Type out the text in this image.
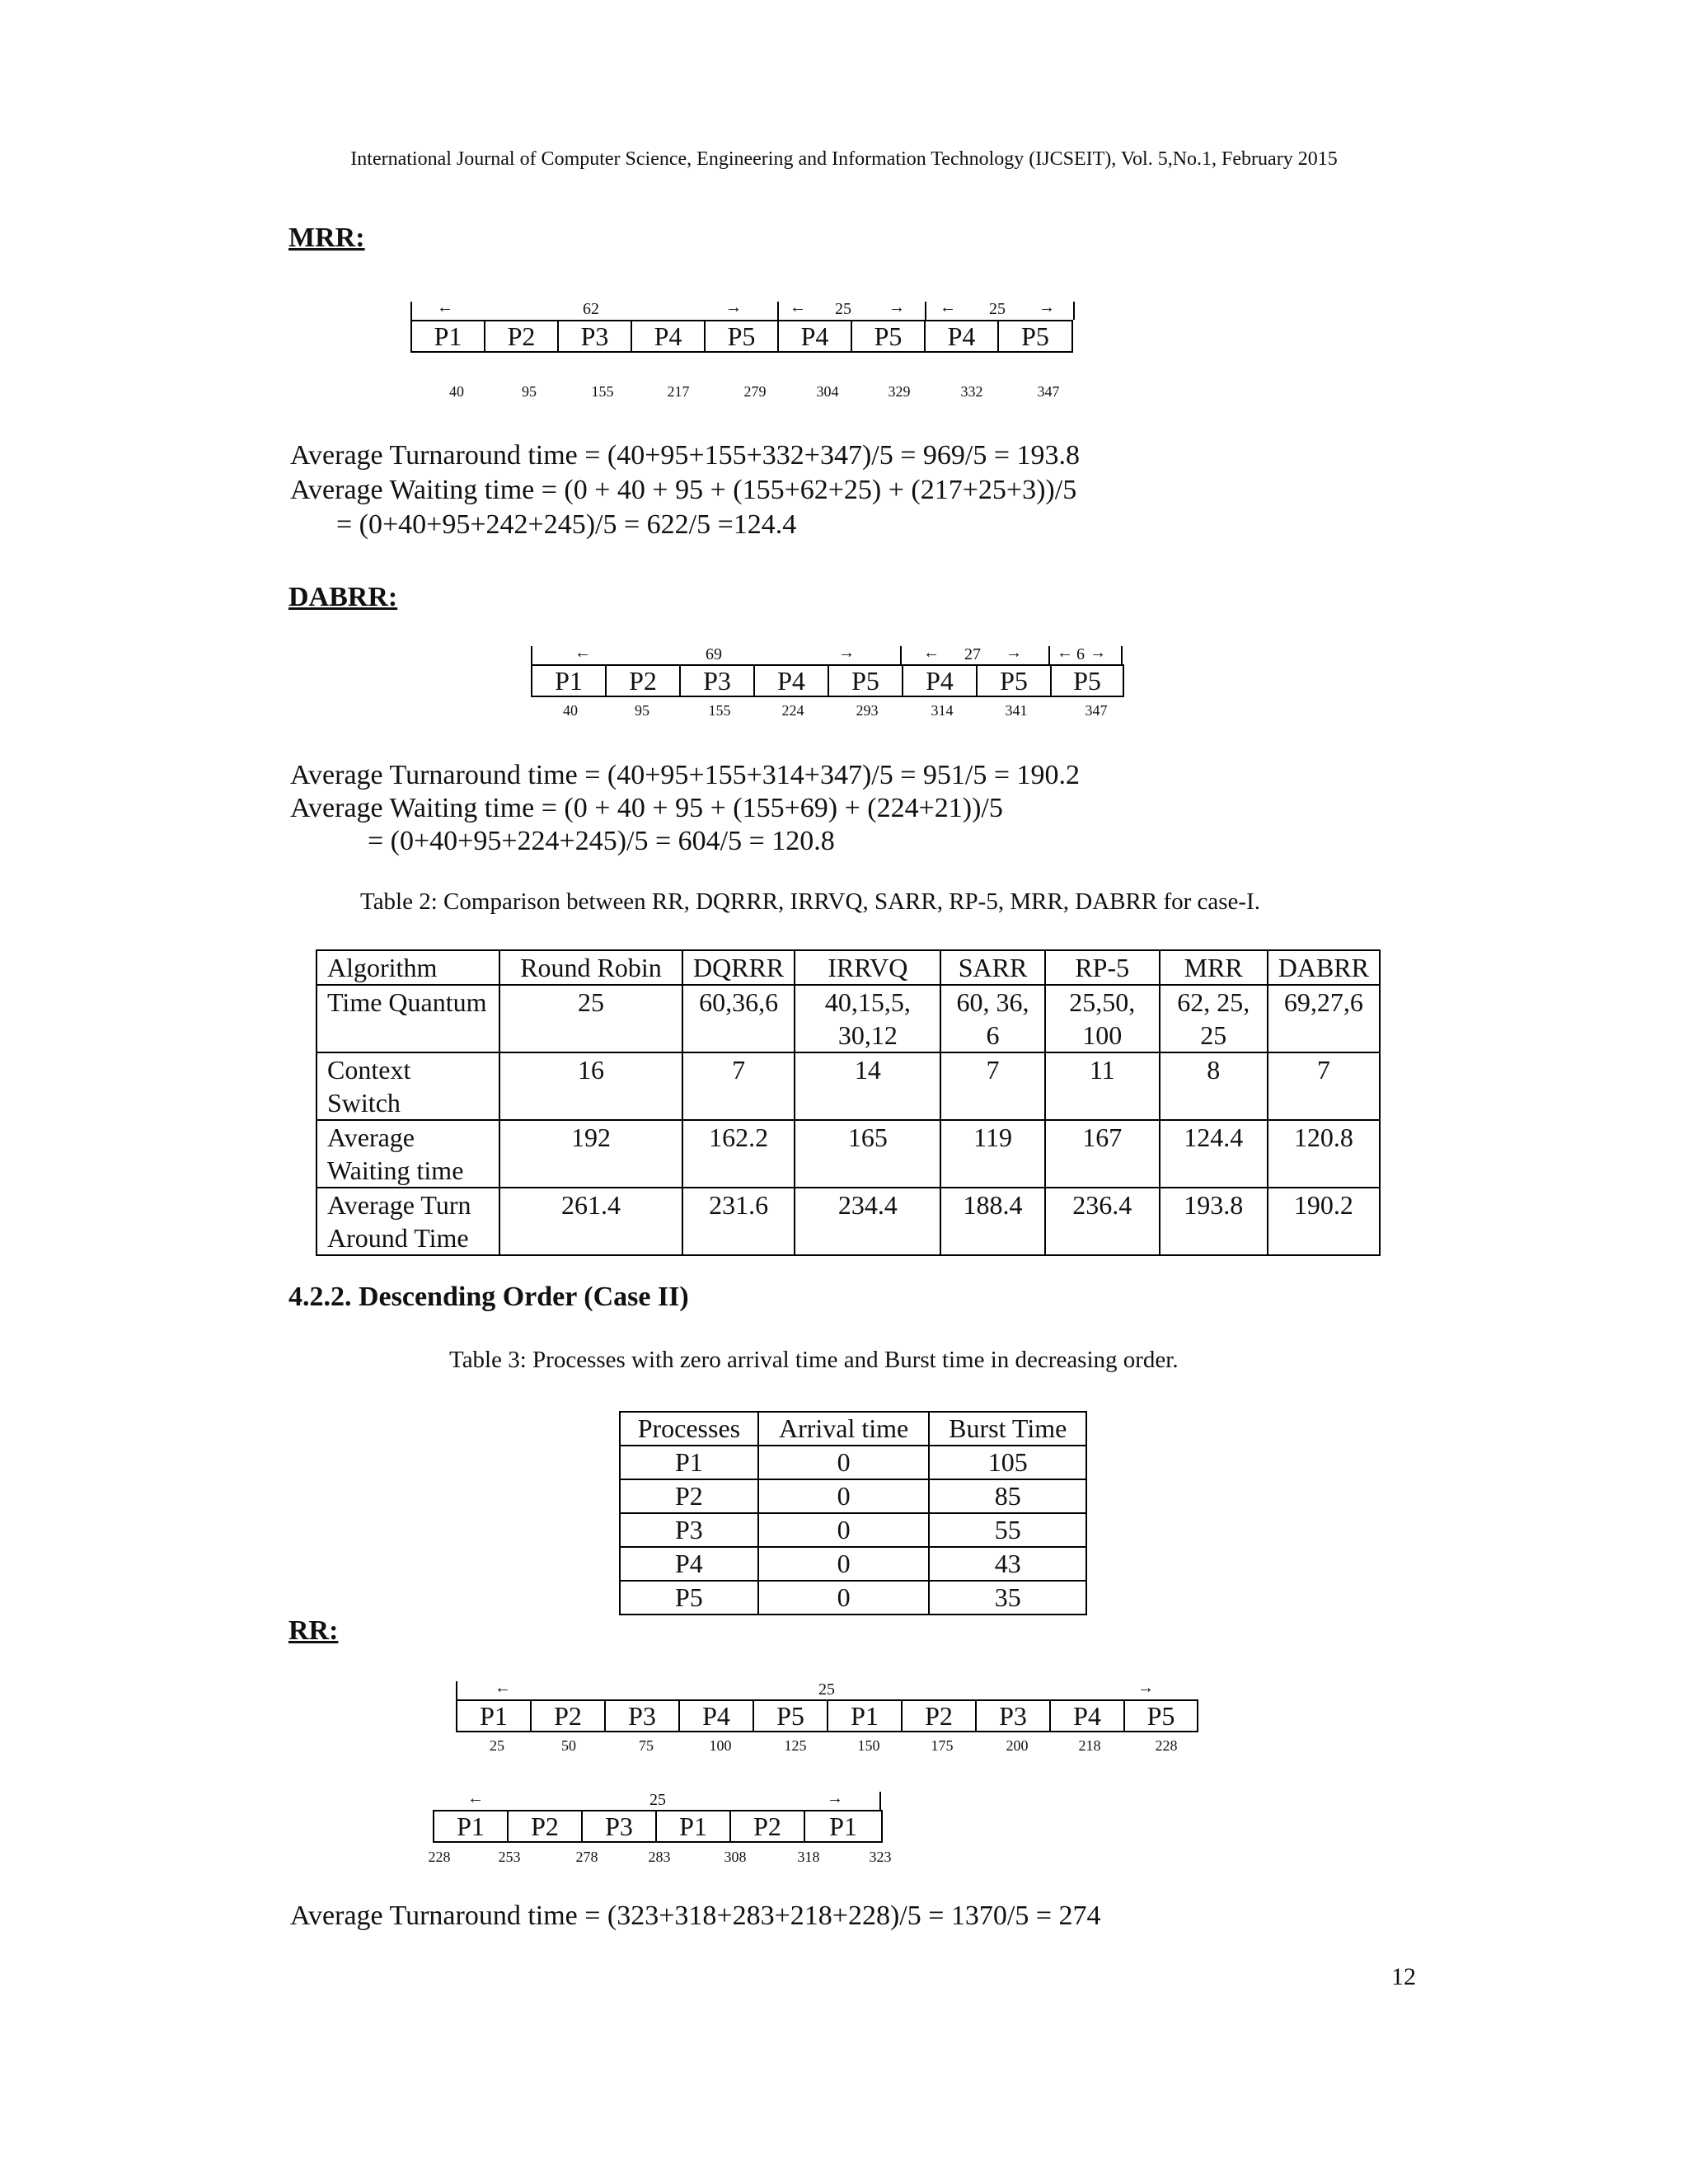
International Journal of Computer Science, Engineering and Information Technology (IJCSEIT), Vol. 5,No.1, February 2015
MRR:
←	62	→	← 25 → ← 25 →
P1	P2	P3	P4	P5	P4	P5	P4	P5
40	95	155	217	279	304	329	332	347
Average Turnaround time = (40+95+155+332+347)/5 = 969/5 = 193.8
Average Waiting time = (0 + 40 + 95 + (155+62+25) + (217+25+3))/5
= (0+40+95+242+245)/5 = 622/5 =124.4
DABRR:
←	69	→	← 27 → ← 6 →
P1	P2	P3	P4	P5	P4	P5	P5
40	95	155	224	293	314	341	347
Average Turnaround time = (40+95+155+314+347)/5 = 951/5 = 190.2
Average Waiting time = (0 + 40 + 95 + (155+69) + (224+21))/5
= (0+40+95+224+245)/5 = 604/5 = 120.8
Table 2: Comparison between RR, DQRRR, IRRVQ, SARR, RP-5, MRR, DABRR for case-I.
Algorithm	Round Robin	DQRRR	IRRVQ	SARR	RP-5	MRR	DABRR
Time Quantum	25	60,36,6	40,15,5, 30,12	60, 36, 6	25,50, 100	62, 25, 25	69,27,6
Context Switch	16	7	14	7	11	8	7
Average Waiting time	192	162.2	165	119	167	124.4	120.8
Average Turn Around Time	261.4	231.6	234.4	188.4	236.4	193.8	190.2
4.2.2. Descending Order (Case II)
Table 3: Processes with zero arrival time and Burst time in decreasing order.
Processes	Arrival time	Burst Time
P1	0	105
P2	0	85
P3	0	55
P4	0	43
P5	0	35
RR:
←	25	→
P1	P2	P3	P4	P5	P1	P2	P3	P4	P5
25	50	75	100	125	150	175	200	218	228
←	25	→
P1	P2	P3	P1	P2	P1
228	253	278	283	308	318	323
Average Turnaround time = (323+318+283+218+228)/5 = 1370/5 = 274
12
